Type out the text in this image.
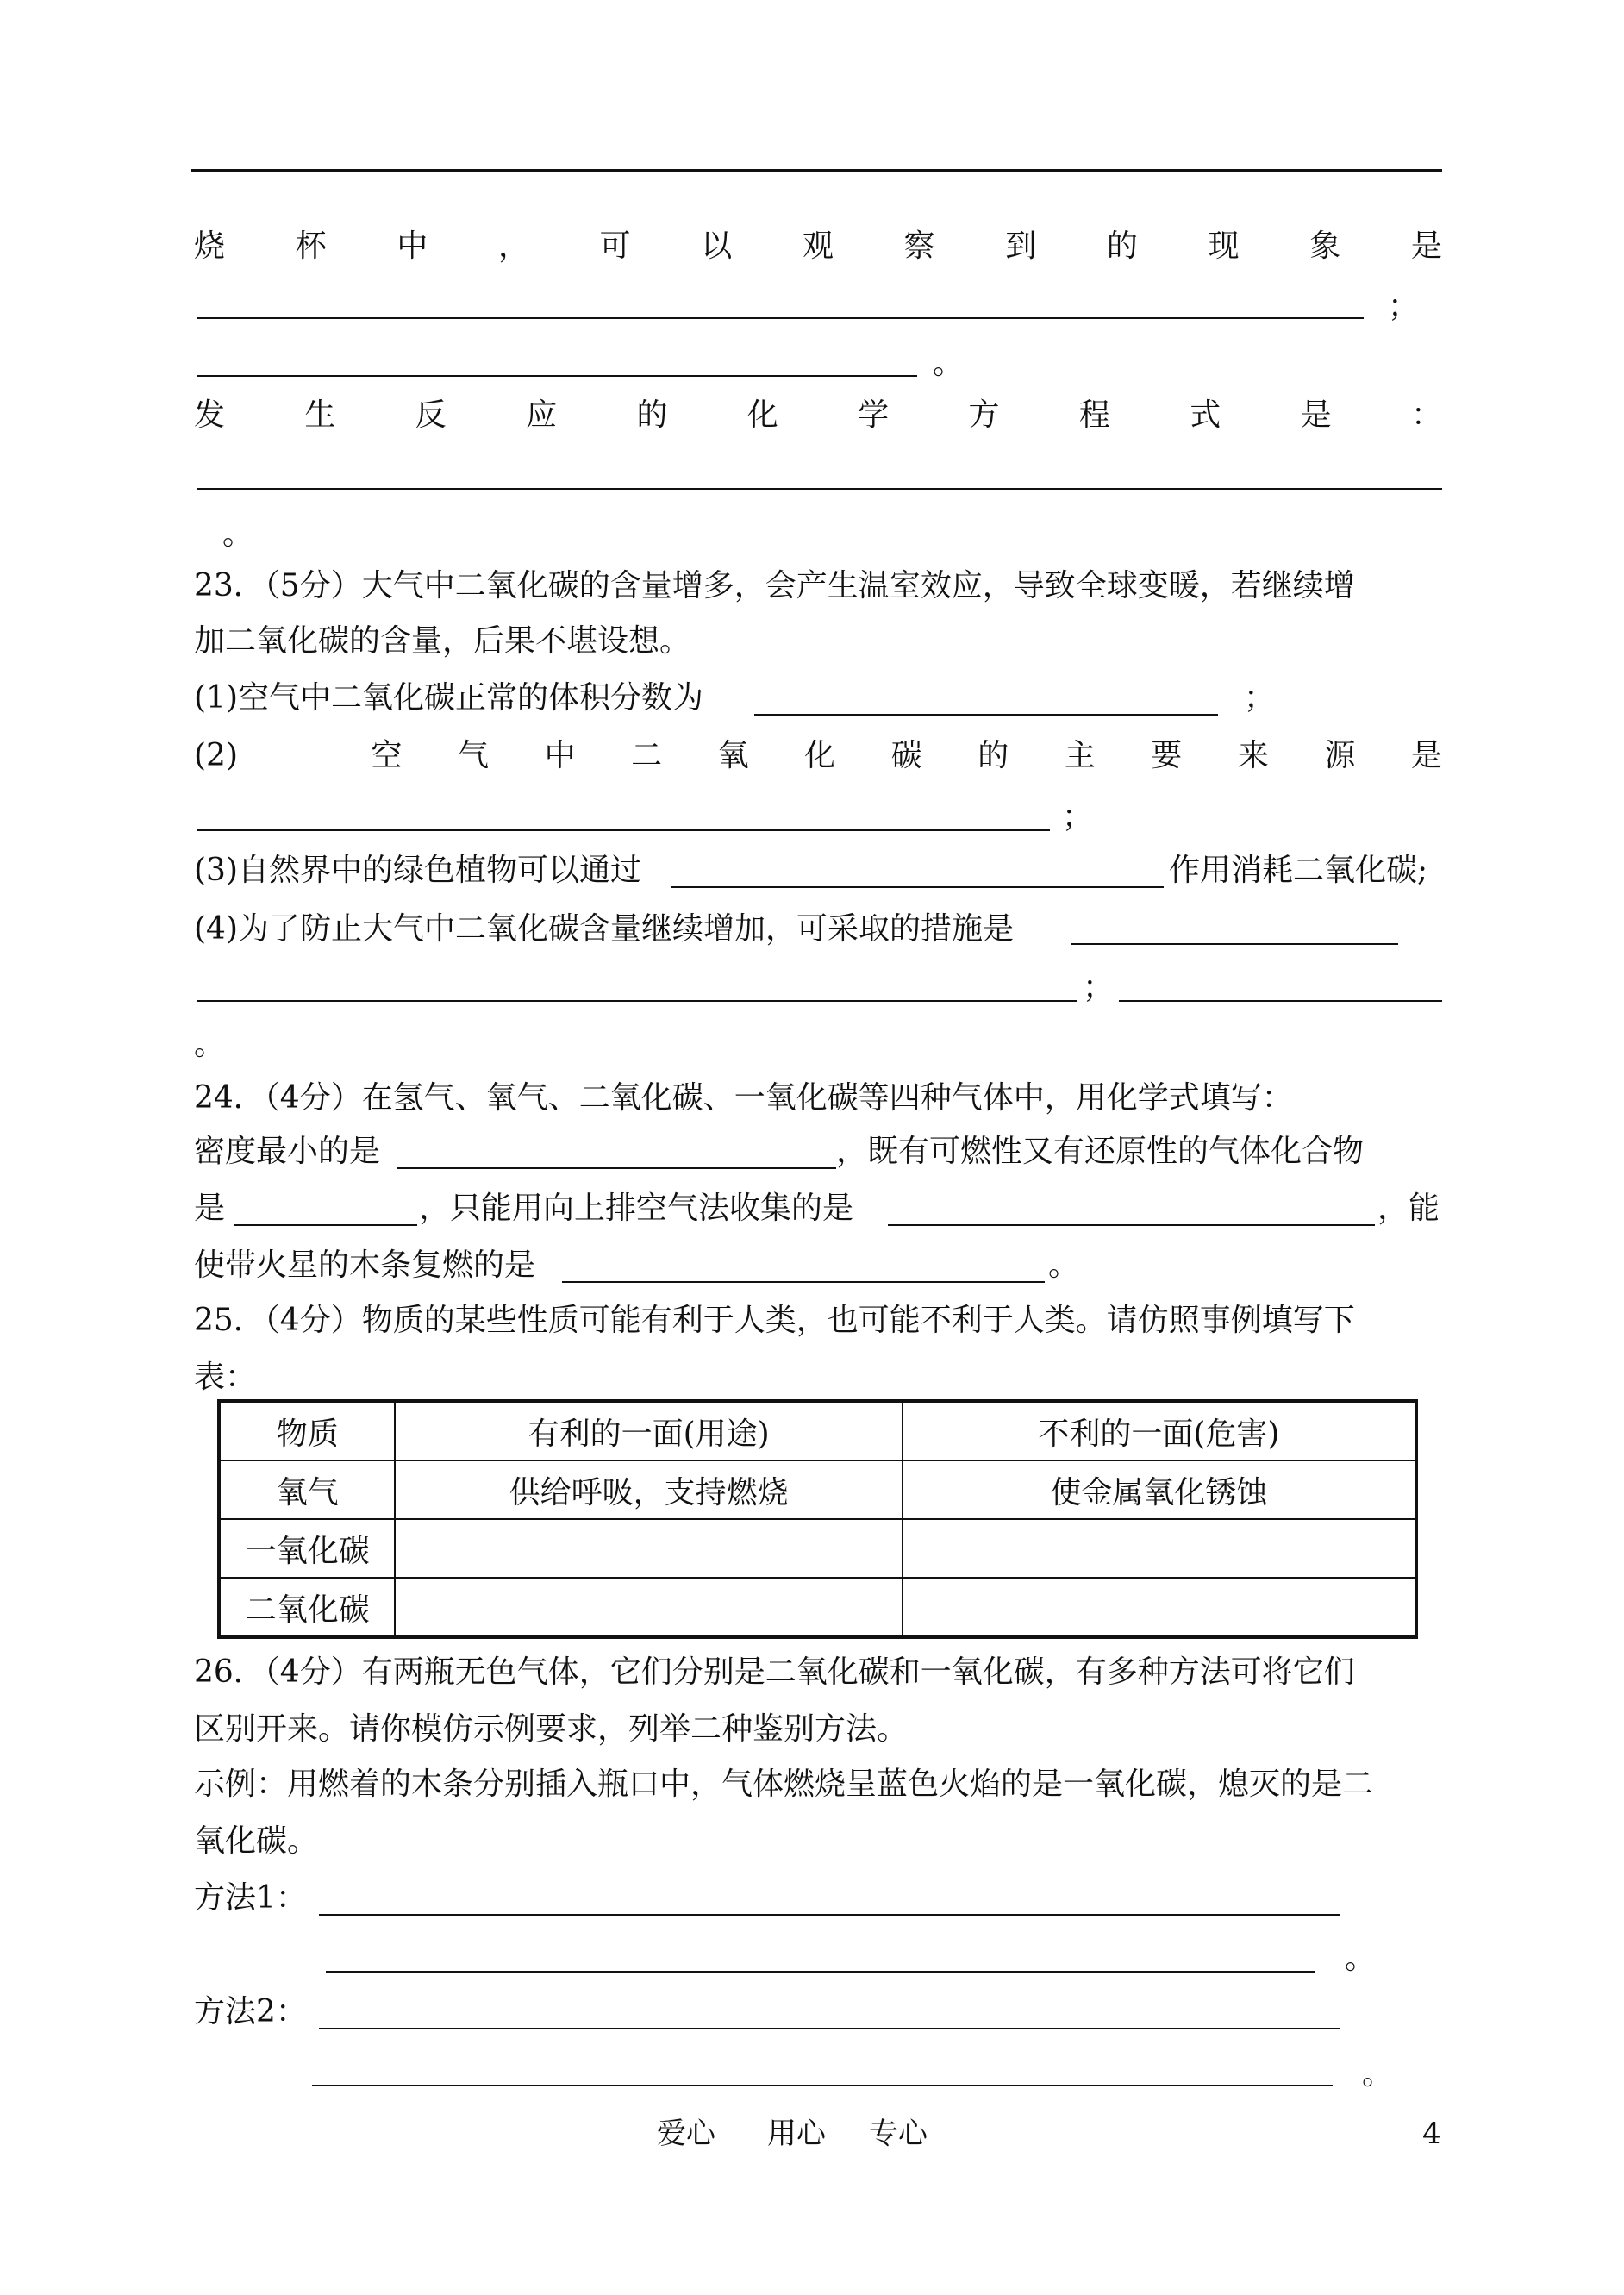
烧 杯 中 ， 可 以 观 察 到 的 现 象 是
；
。
发	生	反	应	的	化	学	方	程	式	是	：
。
23．（5分）大气中二氧化碳的含量增多，会产生温室效应，导致全球变暖，若继续增
加二氧化碳的含量，后果不堪设想。
(1)空气中二氧化碳正常的体积分数为	；
(2)	空 气 中 二 氧 化 碳 的 主 要 来 源 是
；
(3)自然界中的绿色植物可以通过	作用消耗二氧化碳;
(4)为了防止大气中二氧化碳含量继续增加，可采取的措施是
；
。
24．（4分）在氢气、氧气、二氧化碳、一氧化碳等四种气体中，用化学式填写：
密度最小的是	，既有可燃性又有还原性的气体化合物
是	，只能用向上排空气法收集的是	，能
使带火星的木条复燃的是	。
25．（4分）物质的某些性质可能有利于人类，也可能不利于人类。请仿照事例填写下
表：
物质	有利的一面(用途)	不利的一面(危害)
氧气	供给呼吸，支持燃烧	使金属氧化锈蚀
一氧化碳		
二氧化碳		
26．（4分）有两瓶无色气体，它们分别是二氧化碳和一氧化碳，有多种方法可将它们
区别开来。请你模仿示例要求，列举二种鉴别方法。
示例：用燃着的木条分别插入瓶口中，气体燃烧呈蓝色火焰的是一氧化碳，熄灭的是二
氧化碳。
方法1：
。
方法2：
。
爱心 用心 专心	4
